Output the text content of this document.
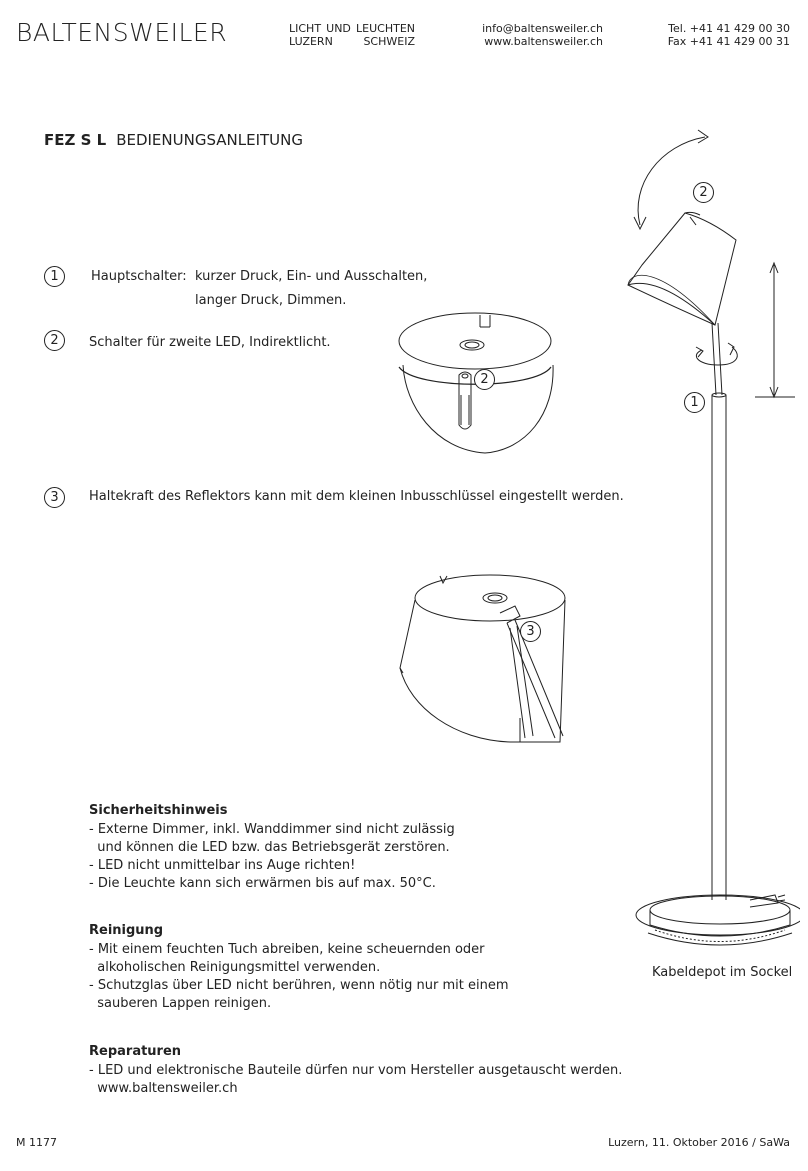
BALTENSWEILER	LICHT UND LEUCHTEN
LUZERN	SCHWEIZ
info@baltensweiler.ch
www.baltensweiler.ch
Tel. +41 41 429 00 30
Fax +41 41 429 00 31
FEZ S L BEDIENUNGSANLEITUNG
1	Hauptschalter: kurzer Druck, Ein- und Ausschalten,
langer Druck, Dimmen.
2	Schalter für zweite LED, Indirektlicht.
3	Haltekraft des Reflektors kann mit dem kleinen Inbusschlüssel eingestellt werden.
2
3
2
1
Kabeldepot im Sockel
Sicherheitshinweis
- Externe Dimmer, inkl. Wanddimmer sind nicht zulässig
und können die LED bzw. das Betriebsgerät zerstören.
- LED nicht unmittelbar ins Auge richten!
- Die Leuchte kann sich erwärmen bis auf max. 50°C.
Reinigung
- Mit einem feuchten Tuch abreiben, keine scheuernden oder
alkoholischen Reinigungsmittel verwenden.
- Schutzglas über LED nicht berühren, wenn nötig nur mit einem
sauberen Lappen reinigen.
Reparaturen
- LED und elektronische Bauteile dürfen nur vom Hersteller ausgetauscht werden.
www.baltensweiler.ch
M 1177	Luzern, 11. Oktober 2016 / SaWa
